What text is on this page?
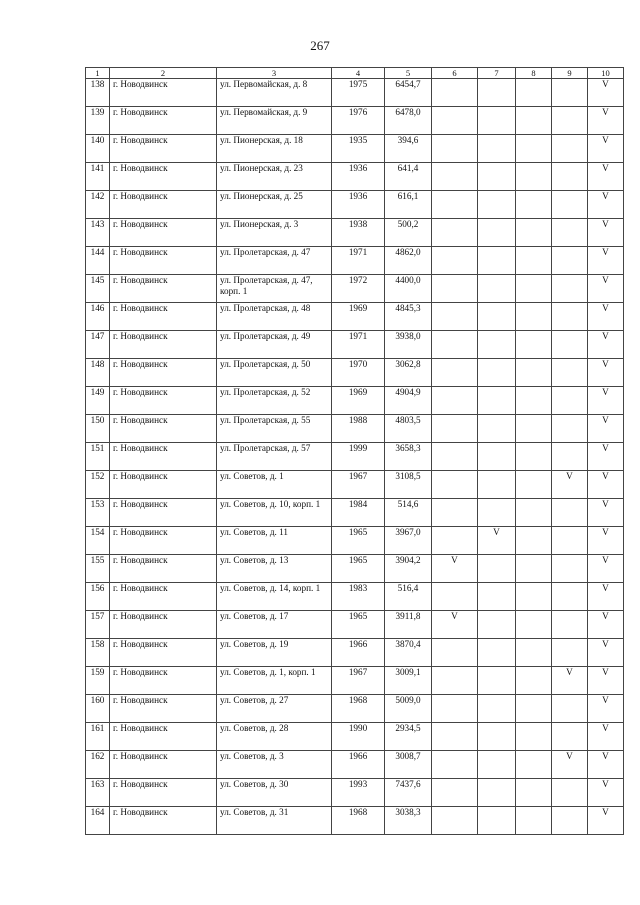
267
1	2	3	4	5	6	7	8	9	10
138	г. Новодвинск	ул. Первомайская, д. 8	1975	6454,7					V
139	г. Новодвинск	ул. Первомайская, д. 9	1976	6478,0					V
140	г. Новодвинск	ул. Пионерская, д. 18	1935	394,6					V
141	г. Новодвинск	ул. Пионерская, д. 23	1936	641,4					V
142	г. Новодвинск	ул. Пионерская, д. 25	1936	616,1					V
143	г. Новодвинск	ул. Пионерская, д. 3	1938	500,2					V
144	г. Новодвинск	ул. Пролетарская, д. 47	1971	4862,0					V
145	г. Новодвинск	ул. Пролетарская, д. 47, корп. 1	1972	4400,0					V
146	г. Новодвинск	ул. Пролетарская, д. 48	1969	4845,3					V
147	г. Новодвинск	ул. Пролетарская, д. 49	1971	3938,0					V
148	г. Новодвинск	ул. Пролетарская, д. 50	1970	3062,8					V
149	г. Новодвинск	ул. Пролетарская, д. 52	1969	4904,9					V
150	г. Новодвинск	ул. Пролетарская, д. 55	1988	4803,5					V
151	г. Новодвинск	ул. Пролетарская, д. 57	1999	3658,3					V
152	г. Новодвинск	ул. Советов, д. 1	1967	3108,5				V	V
153	г. Новодвинск	ул. Советов, д. 10, корп. 1	1984	514,6					V
154	г. Новодвинск	ул. Советов, д. 11	1965	3967,0		V			V
155	г. Новодвинск	ул. Советов, д. 13	1965	3904,2	V				V
156	г. Новодвинск	ул. Советов, д. 14, корп. 1	1983	516,4					V
157	г. Новодвинск	ул. Советов, д. 17	1965	3911,8	V				V
158	г. Новодвинск	ул. Советов, д. 19	1966	3870,4					V
159	г. Новодвинск	ул. Советов, д. 1, корп. 1	1967	3009,1				V	V
160	г. Новодвинск	ул. Советов, д. 27	1968	5009,0					V
161	г. Новодвинск	ул. Советов, д. 28	1990	2934,5					V
162	г. Новодвинск	ул. Советов, д. 3	1966	3008,7				V	V
163	г. Новодвинск	ул. Советов, д. 30	1993	7437,6					V
164	г. Новодвинск	ул. Советов, д. 31	1968	3038,3					V
